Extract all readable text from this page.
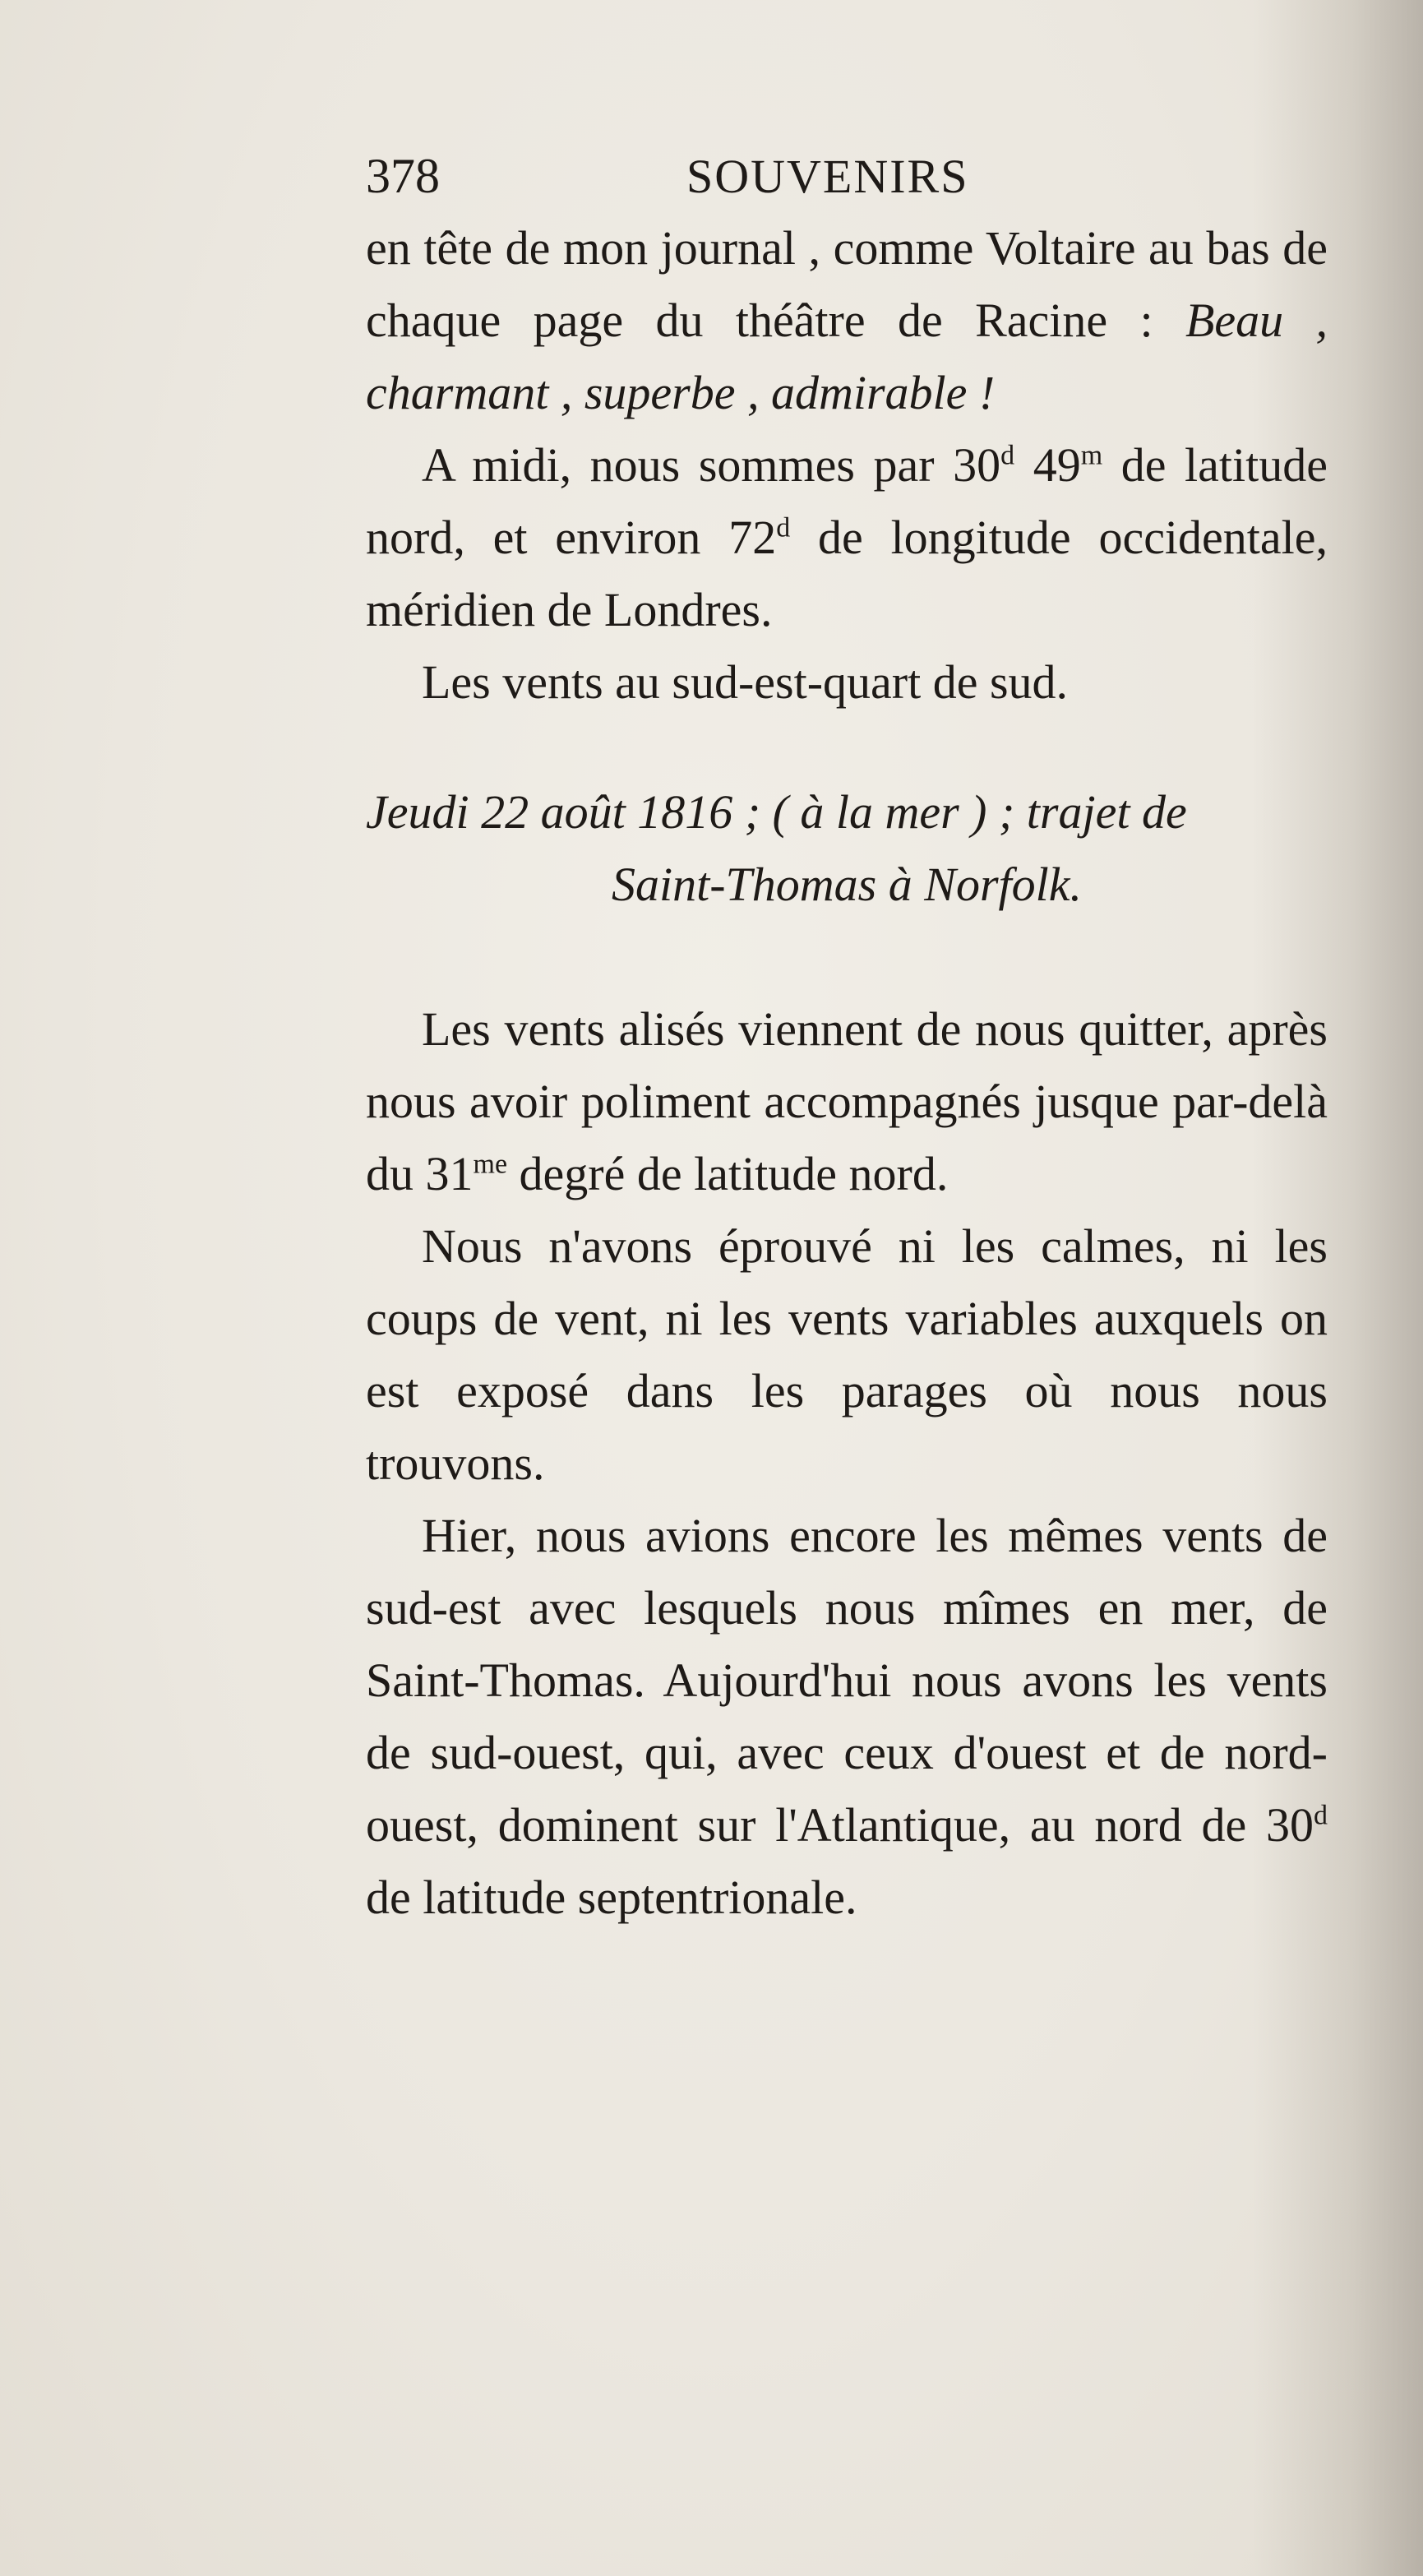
378	SOUVENIRS

en tête de mon journal , comme Voltaire au bas de chaque page du théâtre de Racine : Beau , charmant , superbe , admirable !

A midi, nous sommes par 30$^d$ 49$^m$ de latitude nord, et environ 72$^d$ de longitude occidentale, méridien de Londres.

Les vents au sud-est-quart de sud.

Jeudi 22 août 1816 ; ( à la mer ) ; trajet de
Saint-Thomas à Norfolk.

Les vents alisés viennent de nous quitter, après nous avoir poliment accompagnés jusque par-delà du $31^{me}$ degré de latitude nord.

Nous n'avons éprouvé ni les calmes, ni les coups de vent, ni les vents variables auxquels on est exposé dans les parages où nous nous trouvons.

Hier, nous avions encore les mêmes vents de sud-est avec lesquels nous mîmes en mer, de Saint-Thomas. Aujourd'hui nous avons les vents de sud-ouest, qui, avec ceux d'ouest et de nord-ouest, dominent sur l'Atlantique, au nord de 30$^d$ de latitude septentrionale.
